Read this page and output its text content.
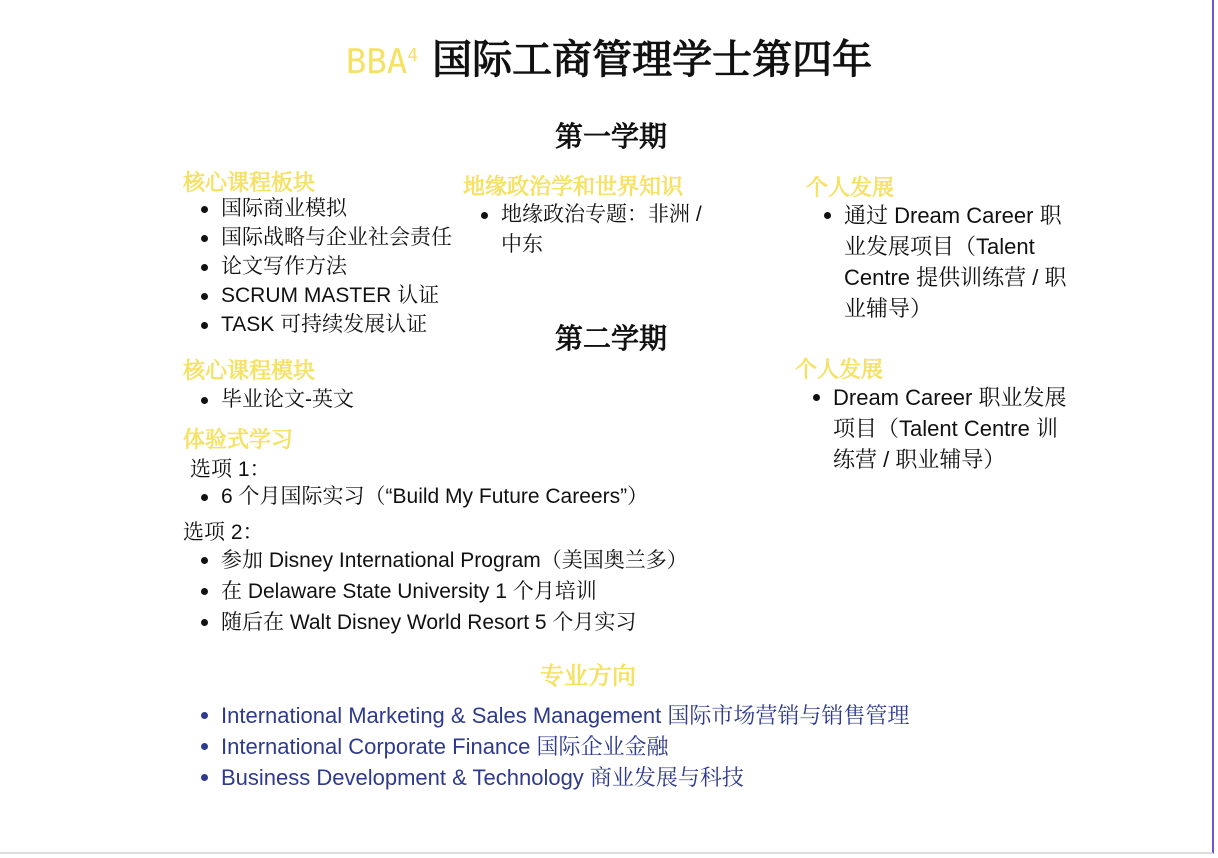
BBA$^4$ 国际工商管理学士第四年
第一学期
核心课程板块
国际商业模拟
国际战略与企业社会责任
论文写作方法
SCRUM MASTER 认证
TASK 可持续发展认证
地缘政治学和世界知识
地缘政治专题：非洲 / 中东
个人发展
通过 Dream Career 职业发展项目（Talent Centre 提供训练营 / 职业辅导）
第二学期
核心课程模块
毕业论文-英文
体验式学习
选项 1：
6 个月国际实习（“Build My Future Careers”）
选项 2：
参加 Disney International Program（美国奥兰多）
在 Delaware State University 1 个月培训
随后在 Walt Disney World Resort 5 个月实习
个人发展
Dream Career 职业发展项目（Talent Centre 训练营 / 职业辅导）
专业方向
International Marketing & Sales Management 国际市场营销与销售管理
International Corporate Finance 国际企业金融
Business Development & Technology 商业发展与科技
